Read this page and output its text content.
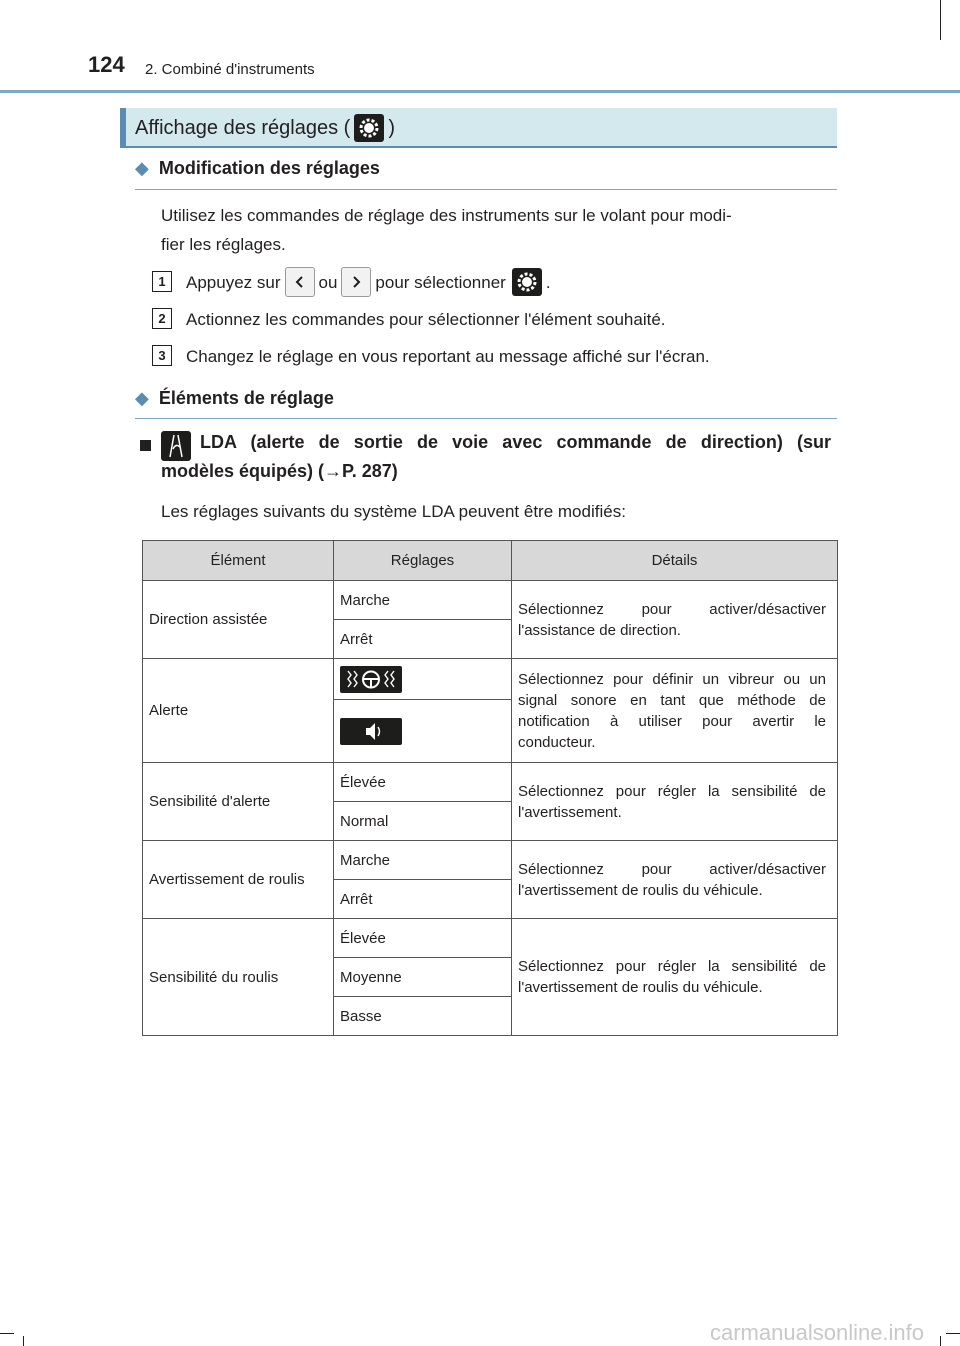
124 2. Combiné d'instruments
Affichage des réglages ( )
◆ Modification des réglages
Utilisez les commandes de réglage des instruments sur le volant pour modi-
fier les réglages.
1	Appuyez sur ou pour sélectionner .
2	Actionnez les commandes pour sélectionner l'élément souhaité.
3	Changez le réglage en vous reportant au message affiché sur l'écran.
◆ Éléments de réglage
LDA (alerte de sortie de voie avec commande de direction) (sur
modèles équipés) (→P. 287)
Les réglages suivants du système LDA peuvent être modifiés:
Élément	Réglages	Détails
Direction assistée	Marche	Sélectionnez pour activer/désactiver l'assistance de direction.
	Arrêt	
Alerte		Sélectionnez pour définir un vibreur ou un signal sonore en tant que méthode de notification à utiliser pour avertir le conducteur.

Sensibilité d'alerte	Élevée	Sélectionnez pour régler la sensibilité de l'avertissement.
	Normal	
Avertissement de roulis	Marche	Sélectionnez pour activer/désactiver l'avertissement de roulis du véhicule.
	Arrêt	
Sensibilité du roulis	Élevée	Sélectionnez pour régler la sensibilité de l'avertissement de roulis du véhicule.
	Moyenne	
	Basse	
carmanualsonline.info
